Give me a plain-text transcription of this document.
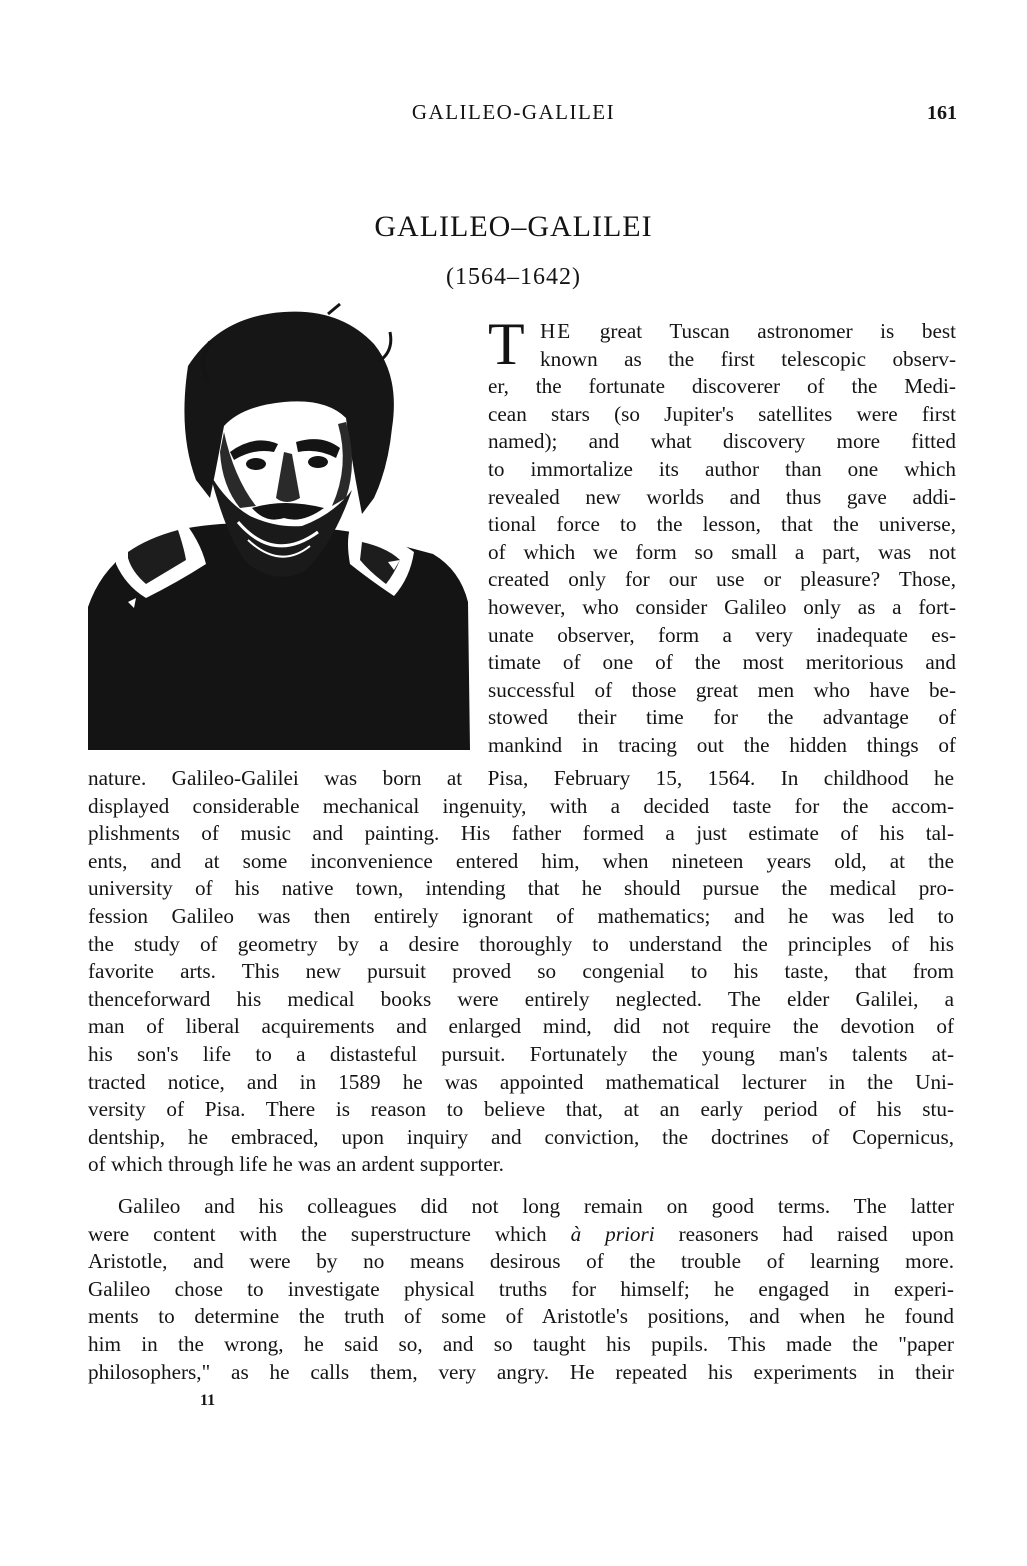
GALILEO-GALILEI	161
GALILEO–GALILEI
(1564–1642)
T HE great Tuscan astronomer is best
known as the first telescopic observ-
er, the fortunate discoverer of the Medi-
cean stars (so Jupiter's satellites were first
named); and what discovery more fitted
to immortalize its author than one which
revealed new worlds and thus gave addi-
tional force to the lesson, that the universe,
of which we form so small a part, was not
created only for our use or pleasure? Those,
however, who consider Galileo only as a fort-
unate observer, form a very inadequate es-
timate of one of the most meritorious and
successful of those great men who have be-
stowed their time for the advantage of
mankind in tracing out the hidden things of
nature. Galileo-Galilei was born at Pisa, February 15, 1564. In childhood he
displayed considerable mechanical ingenuity, with a decided taste for the accom-
plishments of music and painting. His father formed a just estimate of his tal-
ents, and at some inconvenience entered him, when nineteen years old, at the
university of his native town, intending that he should pursue the medical pro-
fession Galileo was then entirely ignorant of mathematics; and he was led to
the study of geometry by a desire thoroughly to understand the principles of his
favorite arts. This new pursuit proved so congenial to his taste, that from
thenceforward his medical books were entirely neglected. The elder Galilei, a
man of liberal acquirements and enlarged mind, did not require the devotion of
his son's life to a distasteful pursuit. Fortunately the young man's talents at-
tracted notice, and in 1589 he was appointed mathematical lecturer in the Uni-
versity of Pisa. There is reason to believe that, at an early period of his stu-
dentship, he embraced, upon inquiry and conviction, the doctrines of Copernicus,
of which through life he was an ardent supporter.
Galileo and his colleagues did not long remain on good terms. The latter
were content with the superstructure which à priori reasoners had raised upon
Aristotle, and were by no means desirous of the trouble of learning more.
Galileo chose to investigate physical truths for himself; he engaged in experi-
ments to determine the truth of some of Aristotle's positions, and when he found
him in the wrong, he said so, and so taught his pupils. This made the "paper
philosophers," as he calls them, very angry. He repeated his experiments in their
11
